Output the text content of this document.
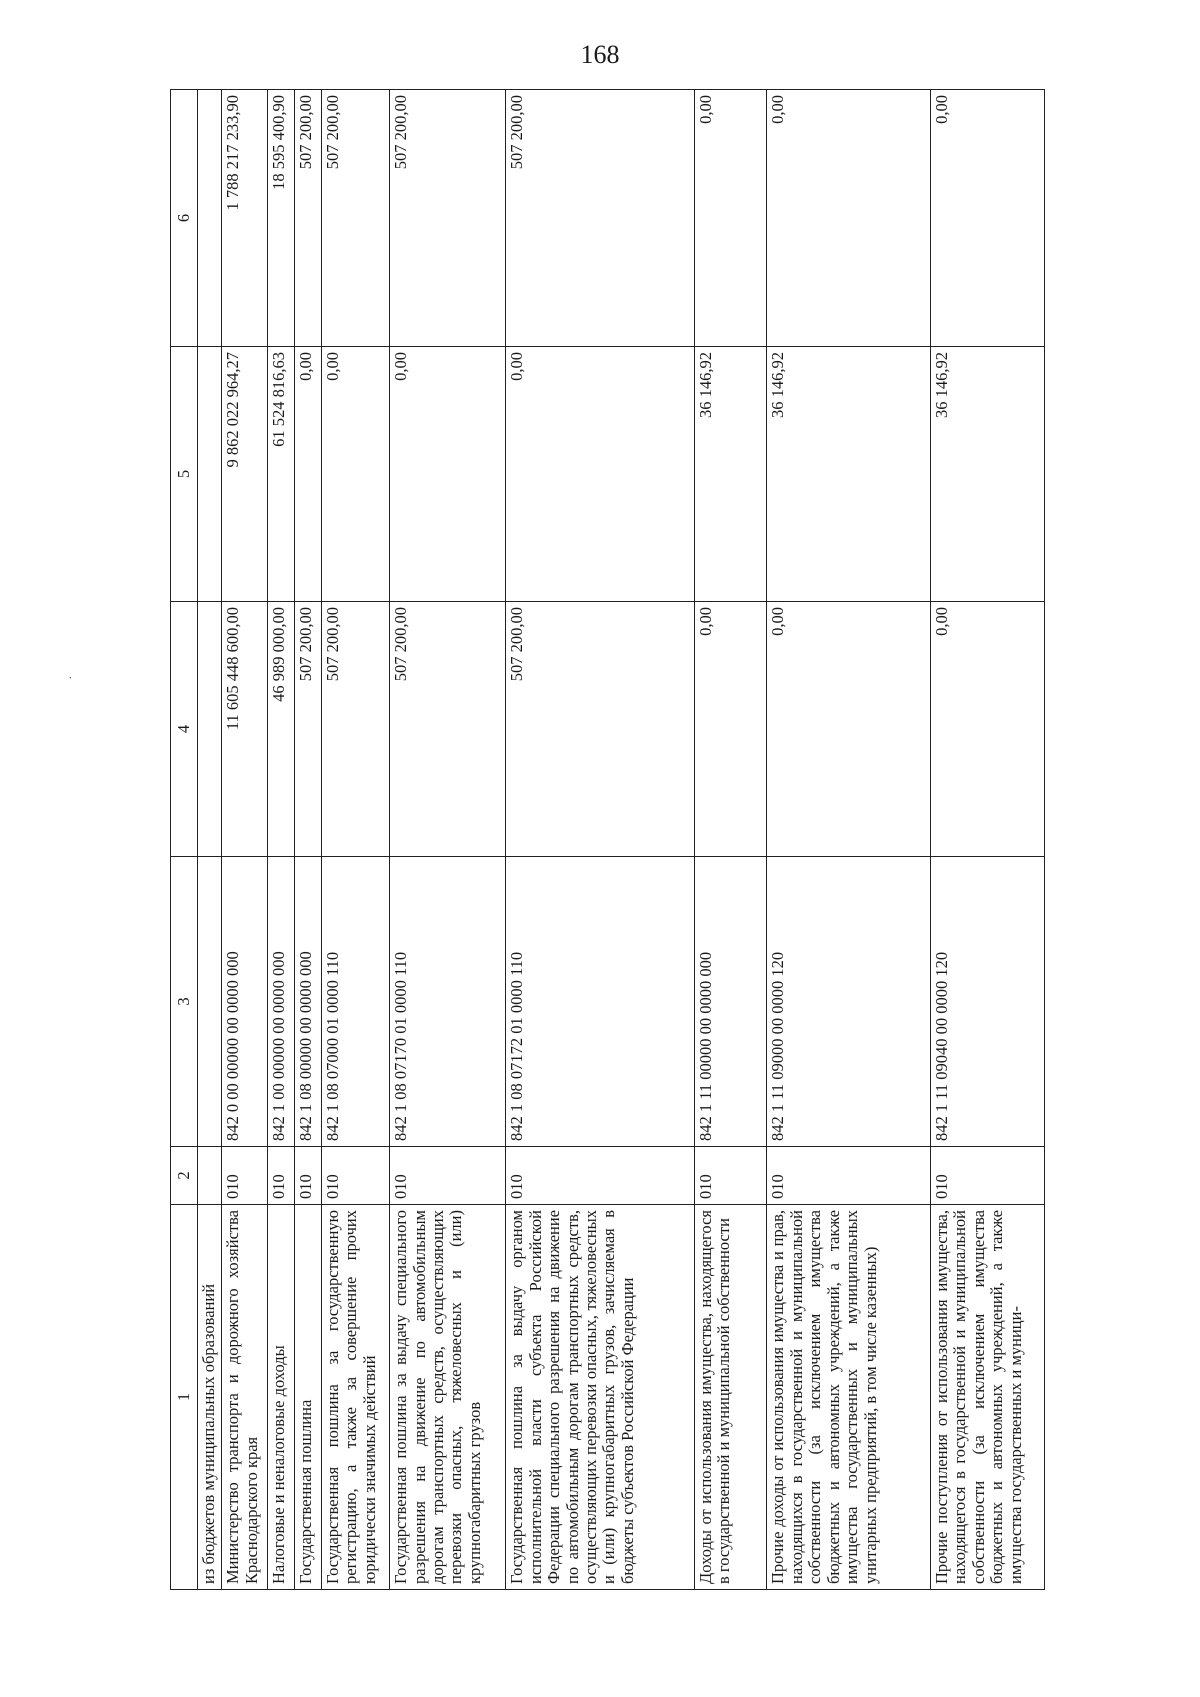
168
˙
1	2	3	4	5	6
из бюджетов муниципальных образований					
Министерство транспорта и дорожного хозяйства Краснодарского края	010	842 0 00 00000 00 0000 000	11 605 448 600,00	9 862 022 964,27	1 788 217 233,90
Налоговые и неналоговые доходы	010	842 1 00 00000 00 0000 000	46 989 000,00	61 524 816,63	18 595 400,90
Государственная пошлина	010	842 1 08 00000 00 0000 000	507 200,00	0,00	507 200,00
Государственная пошлина за государственную регистрацию, а также за совершение прочих юридически значимых действий	010	842 1 08 07000 01 0000 110	507 200,00	0,00	507 200,00
Государственная пошлина за выдачу специального разрешения на движение по автомобильным дорогам транспортных средств, осуществляющих перевозки опасных, тяжеловесных и (или) крупногабаритных грузов	010	842 1 08 07170 01 0000 110	507 200,00	0,00	507 200,00
Государственная пошлина за выдачу органом исполнительной власти субъекта Российской Федерации специального разрешения на движение по автомобильным дорогам транспортных средств, осуществляющих перевозки опасных, тяжеловесных и (или) крупногабаритных грузов, зачисляемая в бюджеты субъектов Российской Федерации	010	842 1 08 07172 01 0000 110	507 200,00	0,00	507 200,00
Доходы от использования имущества, находящегося в государственной и муниципальной собственности	010	842 1 11 00000 00 0000 000	0,00	36 146,92	0,00
Прочие доходы от использования имущества и прав, находящихся в государственной и муниципальной собственности (за исключением имущества бюджетных и автономных учреждений, а также имущества государственных и муниципальных унитарных предприятий, в том числе казенных)	010	842 1 11 09000 00 0000 120	0,00	36 146,92	0,00
Прочие поступления от использования имущества, находящегося в государственной и муниципальной собственности (за исключением имущества бюджетных и автономных учреждений, а также имущества государственных и муници-	010	842 1 11 09040 00 0000 120	0,00	36 146,92	0,00
